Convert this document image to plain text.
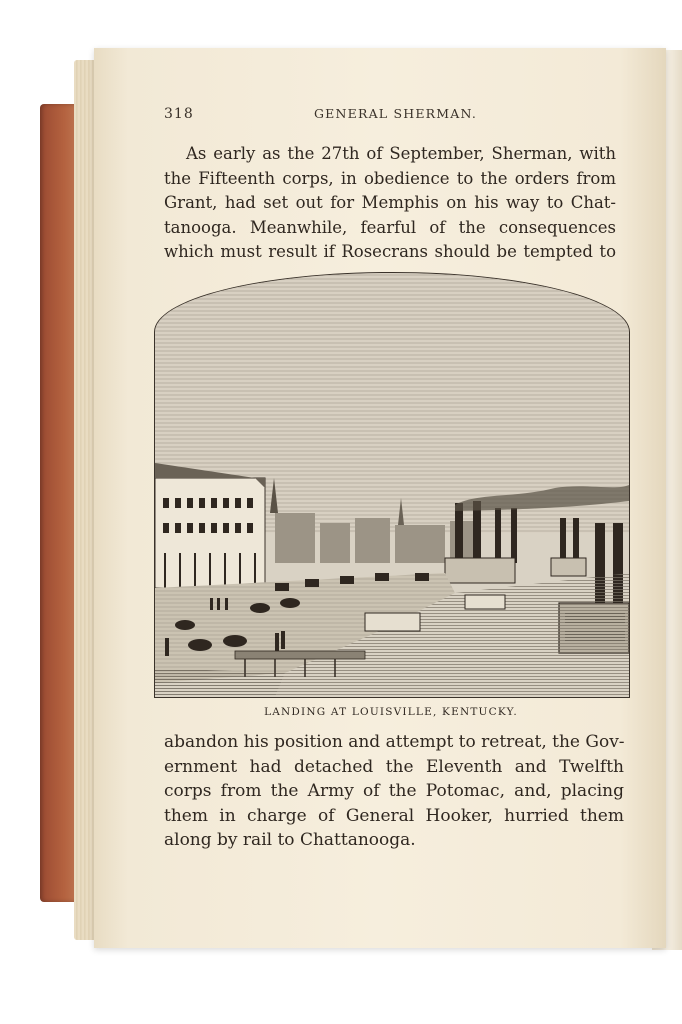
318	GENERAL SHERMAN.
As early as the 27th of September, Sherman, with
the Fifteenth corps, in obedience to the orders from
Grant, had set out for Memphis on his way to Chat-
tanooga. Meanwhile, fearful of the consequences
which must result if Rosecrans should be tempted to
LANDING AT LOUISVILLE, KENTUCKY.
abandon his position and attempt to retreat, the Gov-
ernment had detached the Eleventh and Twelfth
corps from the Army of the Potomac, and, placing
them in charge of General Hooker, hurried them
along by rail to Chattanooga.
